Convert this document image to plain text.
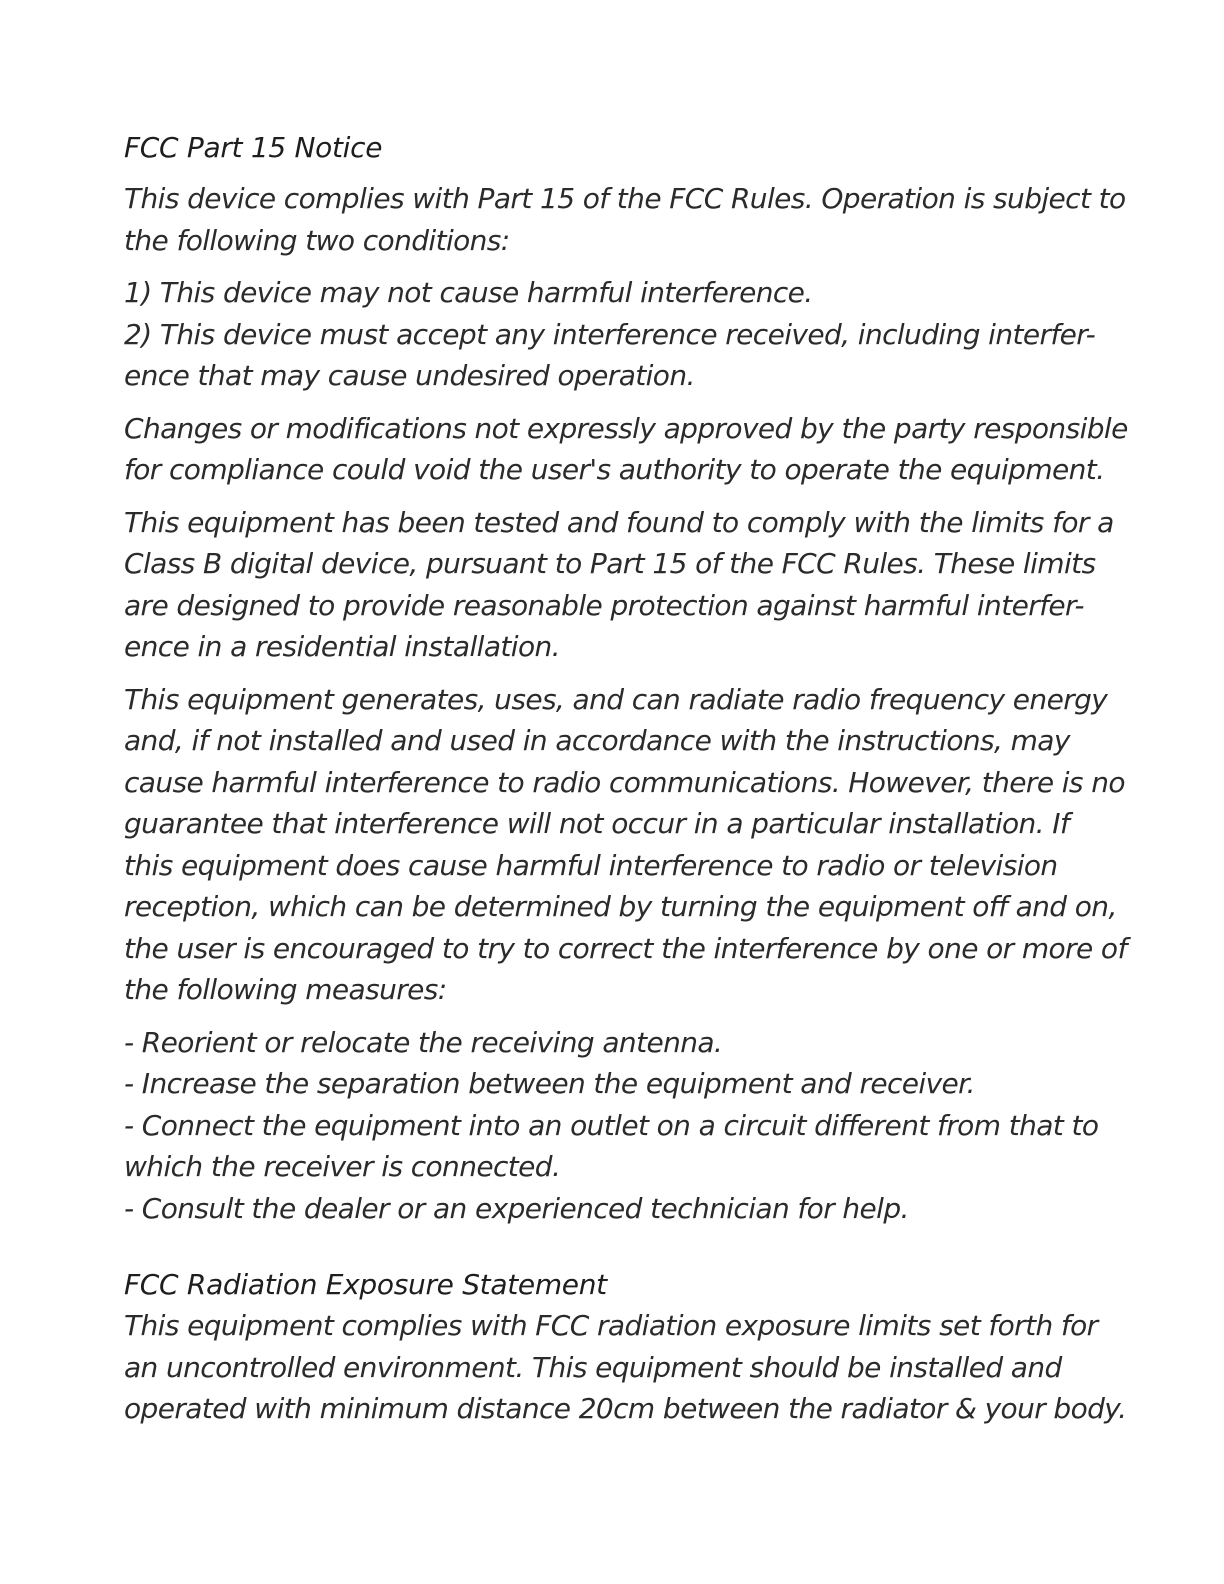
FCC Part 15 Notice

This device complies with Part 15 of the FCC Rules. Operation is subject to
the following two conditions:

1) This device may not cause harmful interference.
2) This device must accept any interference received, including interfer-
ence that may cause undesired operation.

Changes or modifications not expressly approved by the party responsible
for compliance could void the user's authority to operate the equipment.

This equipment has been tested and found to comply with the limits for a
Class B digital device, pursuant to Part 15 of the FCC Rules. These limits
are designed to provide reasonable protection against harmful interfer-
ence in a residential installation.

This equipment generates, uses, and can radiate radio frequency energy
and, if not installed and used in accordance with the instructions, may
cause harmful interference to radio communications. However, there is no
guarantee that interference will not occur in a particular installation. If
this equipment does cause harmful interference to radio or television
reception, which can be determined by turning the equipment off and on,
the user is encouraged to try to correct the interference by one or more of
the following measures:

- Reorient or relocate the receiving antenna.
- Increase the separation between the equipment and receiver.
- Connect the equipment into an outlet on a circuit different from that to
which the receiver is connected.
- Consult the dealer or an experienced technician for help.

FCC Radiation Exposure Statement

This equipment complies with FCC radiation exposure limits set forth for
an uncontrolled environment. This equipment should be installed and
operated with minimum distance 20cm between the radiator & your body.
